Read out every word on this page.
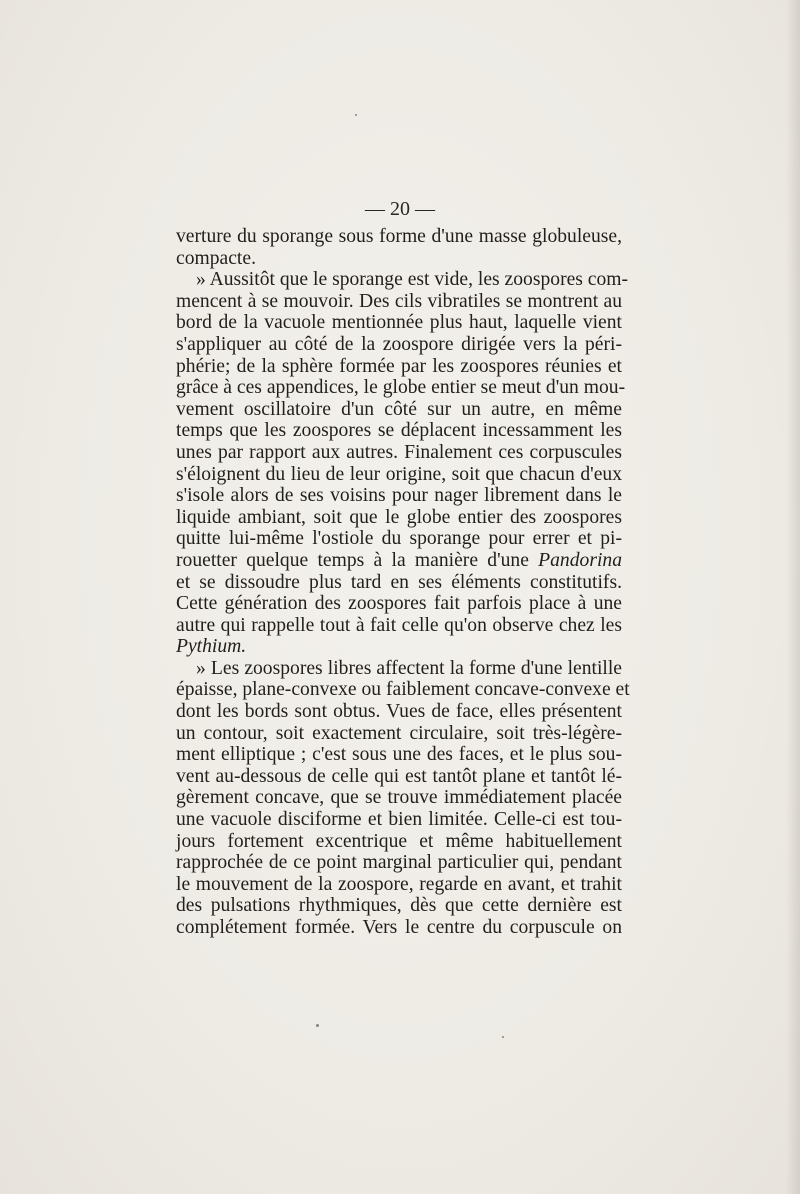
— 20 —
verture du sporange sous forme d'une masse globuleuse,
compacte.
» Aussitôt que le sporange est vide, les zoospores com-
mencent à se mouvoir. Des cils vibratiles se montrent au
bord de la vacuole mentionnée plus haut, laquelle vient
s'appliquer au côté de la zoospore dirigée vers la péri-
phérie; de la sphère formée par les zoospores réunies et
grâce à ces appendices, le globe entier se meut d'un mou-
vement oscillatoire d'un côté sur un autre, en même
temps que les zoospores se déplacent incessamment les
unes par rapport aux autres. Finalement ces corpuscules
s'éloignent du lieu de leur origine, soit que chacun d'eux
s'isole alors de ses voisins pour nager librement dans le
liquide ambiant, soit que le globe entier des zoospores
quitte lui-même l'ostiole du sporange pour errer et pi-
rouetter quelque temps à la manière d'une Pandorina
et se dissoudre plus tard en ses éléments constitutifs.
Cette génération des zoospores fait parfois place à une
autre qui rappelle tout à fait celle qu'on observe chez les
Pythium.
» Les zoospores libres affectent la forme d'une lentille
épaisse, plane-convexe ou faiblement concave-convexe et
dont les bords sont obtus. Vues de face, elles présentent
un contour, soit exactement circulaire, soit très-légère-
ment elliptique ; c'est sous une des faces, et le plus sou-
vent au-dessous de celle qui est tantôt plane et tantôt lé-
gèrement concave, que se trouve immédiatement placée
une vacuole disciforme et bien limitée. Celle-ci est tou-
jours fortement excentrique et même habituellement
rapprochée de ce point marginal particulier qui, pendant
le mouvement de la zoospore, regarde en avant, et trahit
des pulsations rhythmiques, dès que cette dernière est
complétement formée. Vers le centre du corpuscule on
